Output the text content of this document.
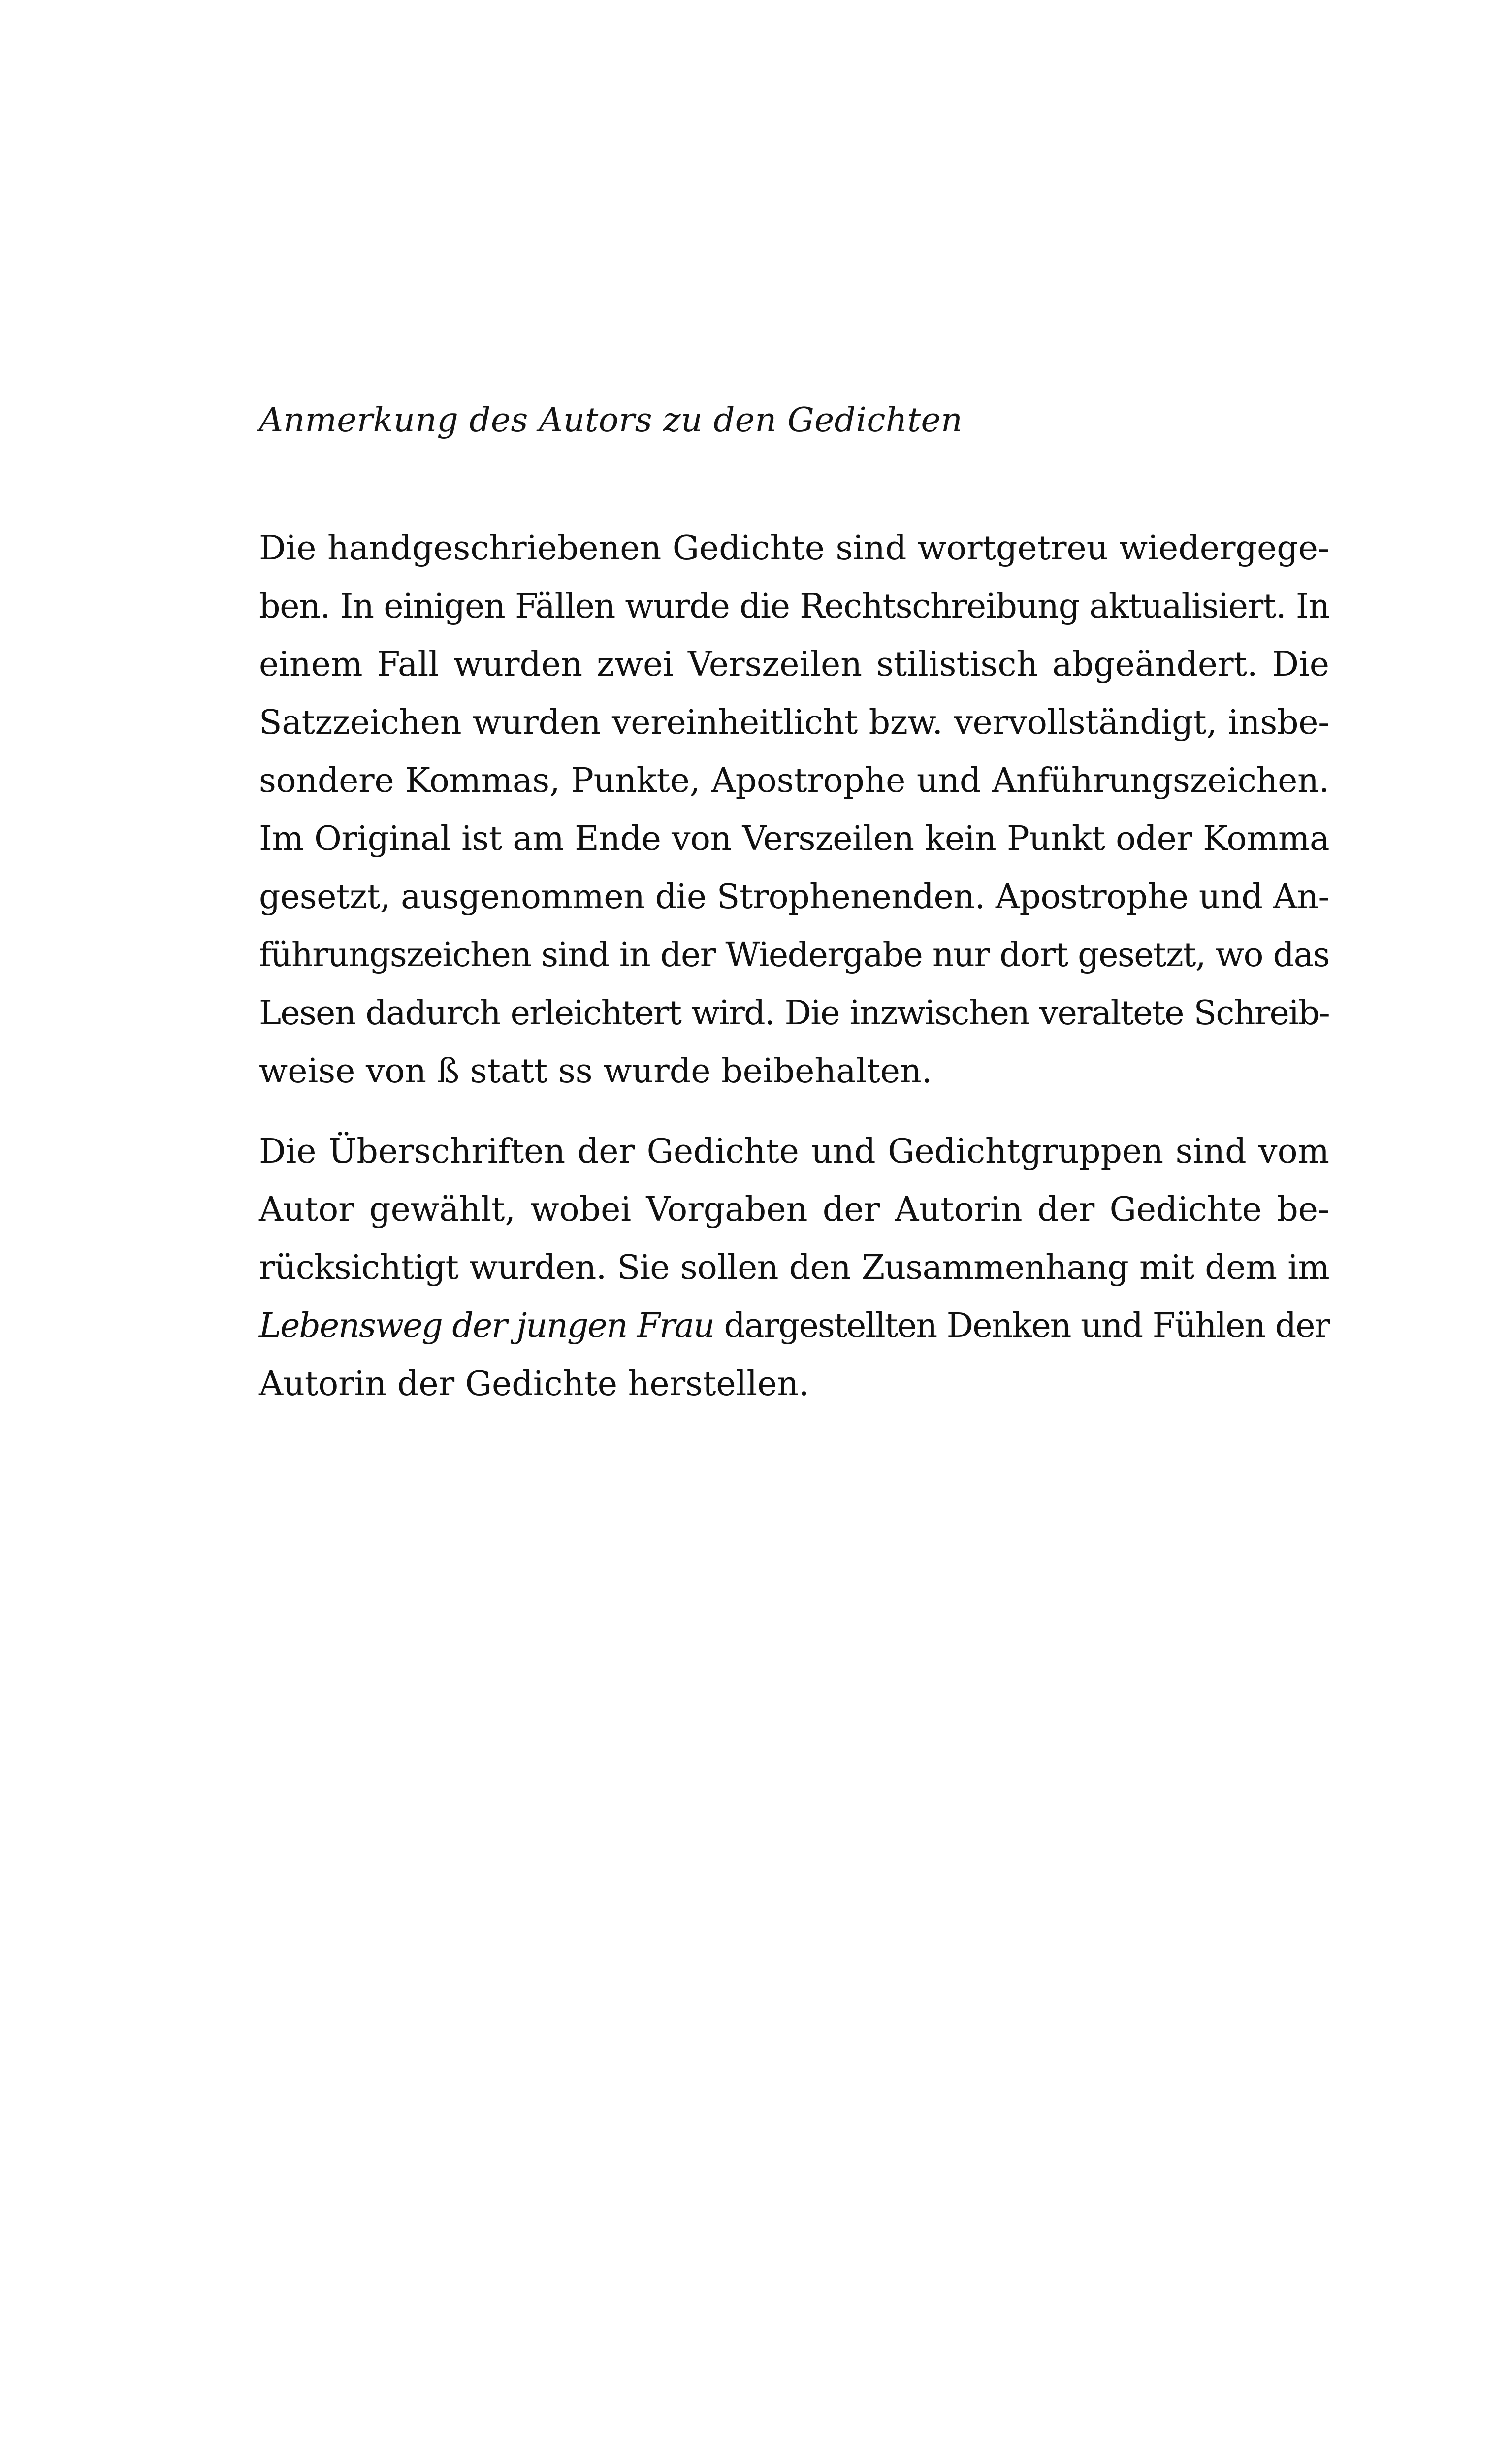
Anmerkung des Autors zu den Gedichten

Die handgeschriebenen Gedichte sind wortgetreu wiedergege-
ben. In einigen Fällen wurde die Rechtschreibung aktualisiert. In
einem Fall wurden zwei Verszeilen stilistisch abgeändert. Die
Satzzeichen wurden vereinheitlicht bzw. vervollständigt, insbe-
sondere Kommas, Punkte, Apostrophe und Anführungszeichen.
Im Original ist am Ende von Verszeilen kein Punkt oder Komma
gesetzt, ausgenommen die Strophenenden. Apostrophe und An-
führungszeichen sind in der Wiedergabe nur dort gesetzt, wo das
Lesen dadurch erleichtert wird. Die inzwischen veraltete Schreib-
weise von ß statt ss wurde beibehalten.

Die Überschriften der Gedichte und Gedichtgruppen sind vom
Autor gewählt, wobei Vorgaben der Autorin der Gedichte be-
rücksichtigt wurden. Sie sollen den Zusammenhang mit dem im
Lebensweg der jungen Frau dargestellten Denken und Fühlen der
Autorin der Gedichte herstellen.
